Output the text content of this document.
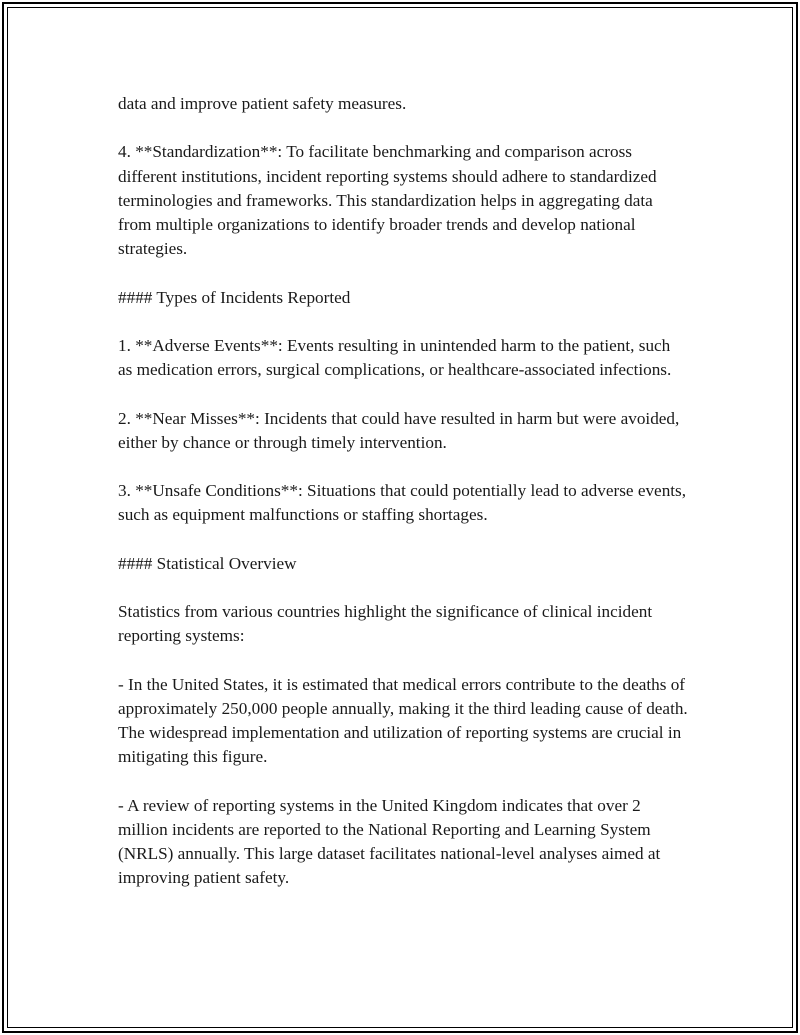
data and improve patient safety measures.

4. **Standardization**: To facilitate benchmarking and comparison across different institutions, incident reporting systems should adhere to standardized terminologies and frameworks. This standardization helps in aggregating data from multiple organizations to identify broader trends and develop national strategies.

#### Types of Incidents Reported

1. **Adverse Events**: Events resulting in unintended harm to the patient, such as medication errors, surgical complications, or healthcare-associated infections.

2. **Near Misses**: Incidents that could have resulted in harm but were avoided, either by chance or through timely intervention.

3. **Unsafe Conditions**: Situations that could potentially lead to adverse events, such as equipment malfunctions or staffing shortages.

#### Statistical Overview

Statistics from various countries highlight the significance of clinical incident reporting systems:

- In the United States, it is estimated that medical errors contribute to the deaths of approximately 250,000 people annually, making it the third leading cause of death. The widespread implementation and utilization of reporting systems are crucial in mitigating this figure.

- A review of reporting systems in the United Kingdom indicates that over 2 million incidents are reported to the National Reporting and Learning System (NRLS) annually. This large dataset facilitates national-level analyses aimed at improving patient safety.
